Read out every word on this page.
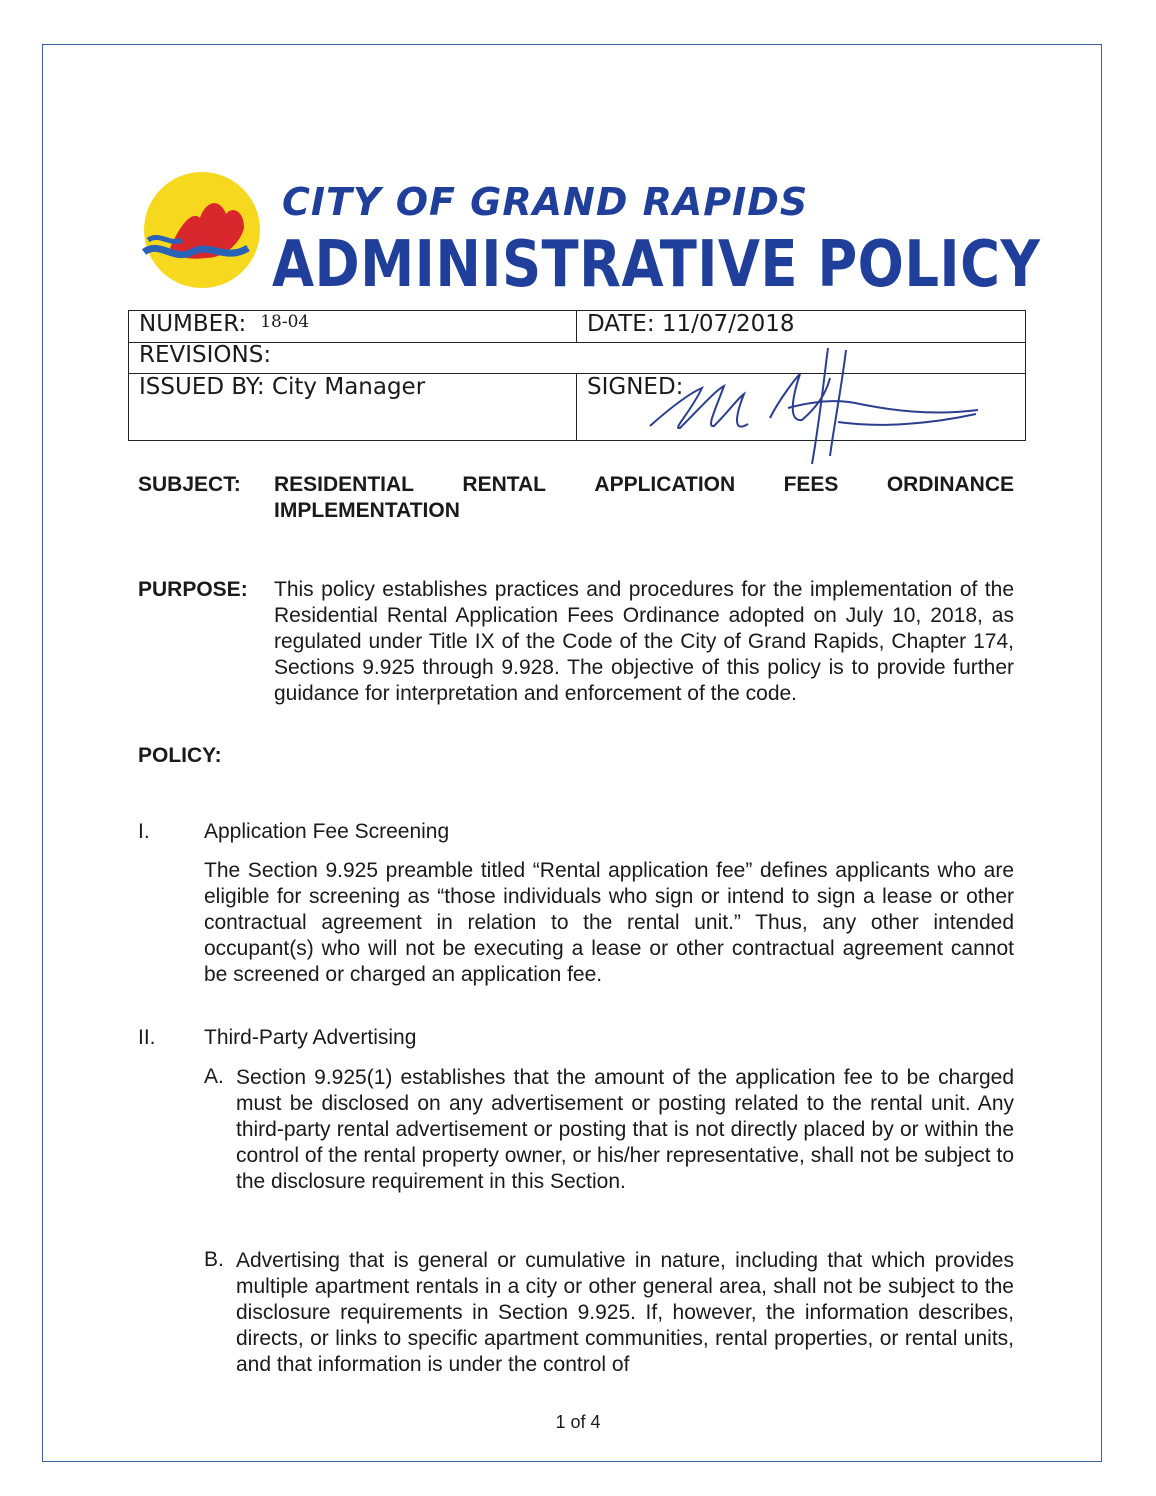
CITY OF GRAND RAPIDS
ADMINISTRATIVE POLICY
NUMBER: 18-04	DATE: 11/07/2018
REVISIONS:
ISSUED BY: City Manager	SIGNED:
SUBJECT: RESIDENTIAL RENTAL APPLICATION FEES ORDINANCE
IMPLEMENTATION
PURPOSE: This policy establishes practices and procedures for the implementation of the Residential Rental Application Fees Ordinance adopted on July 10, 2018, as regulated under Title IX of the Code of the City of Grand Rapids, Chapter 174, Sections 9.925 through 9.928. The objective of this policy is to provide further guidance for interpretation and enforcement of the code.
POLICY:
I.	Application Fee Screening
The Section 9.925 preamble titled “Rental application fee” defines applicants who are eligible for screening as “those individuals who sign or intend to sign a lease or other contractual agreement in relation to the rental unit.” Thus, any other intended occupant(s) who will not be executing a lease or other contractual agreement cannot be screened or charged an application fee.
II. Third-Party Advertising
A. Section 9.925(1) establishes that the amount of the application fee to be charged must be disclosed on any advertisement or posting related to the rental unit. Any third-party rental advertisement or posting that is not directly placed by or within the control of the rental property owner, or his/her representative, shall not be subject to the disclosure requirement in this Section.
B. Advertising that is general or cumulative in nature, including that which provides multiple apartment rentals in a city or other general area, shall not be subject to the disclosure requirements in Section 9.925. If, however, the information describes, directs, or links to specific apartment communities, rental properties, or rental units, and that information is under the control of
1 of 4
